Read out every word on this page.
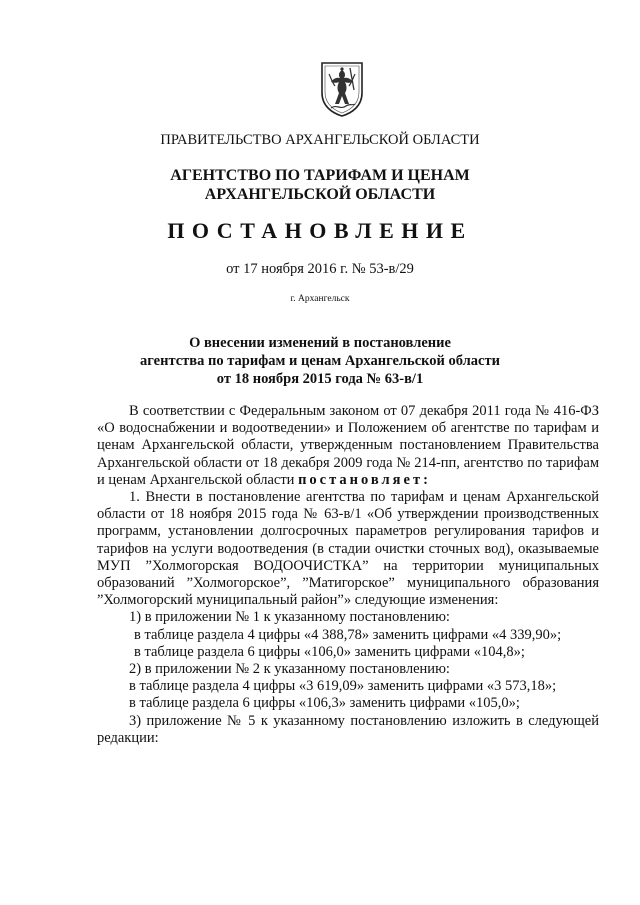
ПРАВИТЕЛЬСТВО АРХАНГЕЛЬСКОЙ ОБЛАСТИ
АГЕНТСТВО ПО ТАРИФАМ И ЦЕНАМ
АРХАНГЕЛЬСКОЙ ОБЛАСТИ
ПОСТАНОВЛЕНИЕ
от 17 ноября 2016 г. № 53-в/29
г. Архангельск
О внесении изменений в постановление
агентства по тарифам и ценам Архангельской области
от 18 ноября 2015 года № 63-в/1

В соответствии с Федеральным законом от 07 декабря 2011 года № 416-ФЗ «О водоснабжении и водоотведении» и Положением об агентстве по тарифам и ценам Архангельской области, утвержденным постановлением Правительства Архангельской области от 18 декабря 2009 года № 214-пп, агентство по тарифам и ценам Архангельской области постановляет:

1. Внести в постановление агентства по тарифам и ценам Архангельской области от 18 ноября 2015 года № 63-в/1 «Об утверждении производственных программ, установлении долгосрочных параметров регулирования тарифов и тарифов на услуги водоотведения (в стадии очистки сточных вод), оказываемые МУП ”Холмогорская ВОДООЧИСТКА” на территории муниципальных образований ”Холмогорское”, ”Матигорское” муниципального образования ”Холмогорский муниципальный район”» следующие изменения:

1) в приложении № 1 к указанному постановлению:

в таблице раздела 4 цифры «4 388,78» заменить цифрами «4 339,90»;

в таблице раздела 6 цифры «106,0» заменить цифрами «104,8»;

2) в приложении № 2 к указанному постановлению:

в таблице раздела 4 цифры «3 619,09» заменить цифрами «3 573,18»;

в таблице раздела 6 цифры «106,3» заменить цифрами «105,0»;

3) приложение № 5 к указанному постановлению изложить в следующей редакции:
